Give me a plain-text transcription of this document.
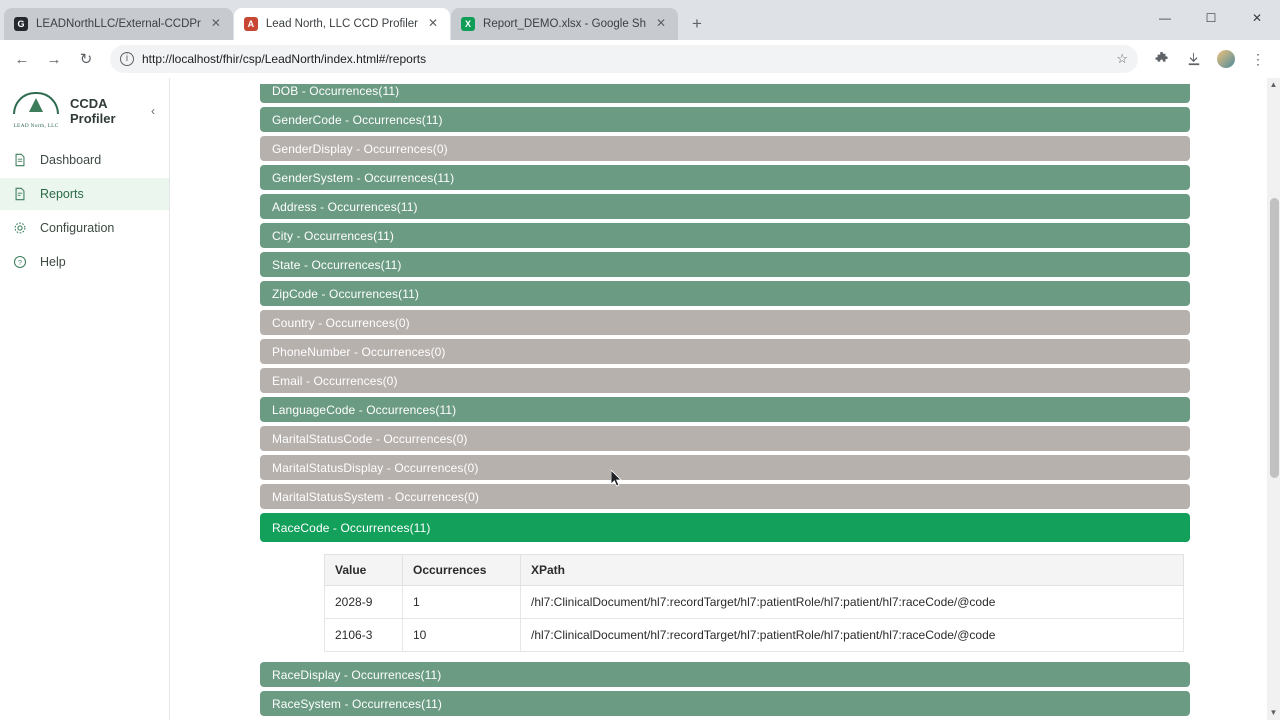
G	LEADNorthLLC/External-CCDPr ✕	A	Lead North, LLC CCD Profiler ✕	X	Report_DEMO.xlsx - Google Sh ✕	+	—	☐	✕
←	→	↻	i	http://localhost/fhir/csp/LeadNorth/index.html#/reports	☆	⋮
LEAD North, LLC
CCDA Profiler	‹
Dashboard
Reports
Configuration
? Help
DOB - Occurrences(11)
GenderCode - Occurrences(11)
GenderDisplay - Occurrences(0)
GenderSystem - Occurrences(11)
Address - Occurrences(11)
City - Occurrences(11)
State - Occurrences(11)
ZipCode - Occurrences(11)
Country - Occurrences(0)
PhoneNumber - Occurrences(0)
Email - Occurrences(0)
LanguageCode - Occurrences(11)
MaritalStatusCode - Occurrences(0)
MaritalStatusDisplay - Occurrences(0)
MaritalStatusSystem - Occurrences(0)
RaceCode - Occurrences(11)
Value	Occurrences	XPath
2028-9	1	/hl7:ClinicalDocument/hl7:recordTarget/hl7:patientRole/hl7:patient/hl7:raceCode/@code
2106-3	10	/hl7:ClinicalDocument/hl7:recordTarget/hl7:patientRole/hl7:patient/hl7:raceCode/@code
RaceDisplay - Occurrences(11)
RaceSystem - Occurrences(11)
▲
▼
